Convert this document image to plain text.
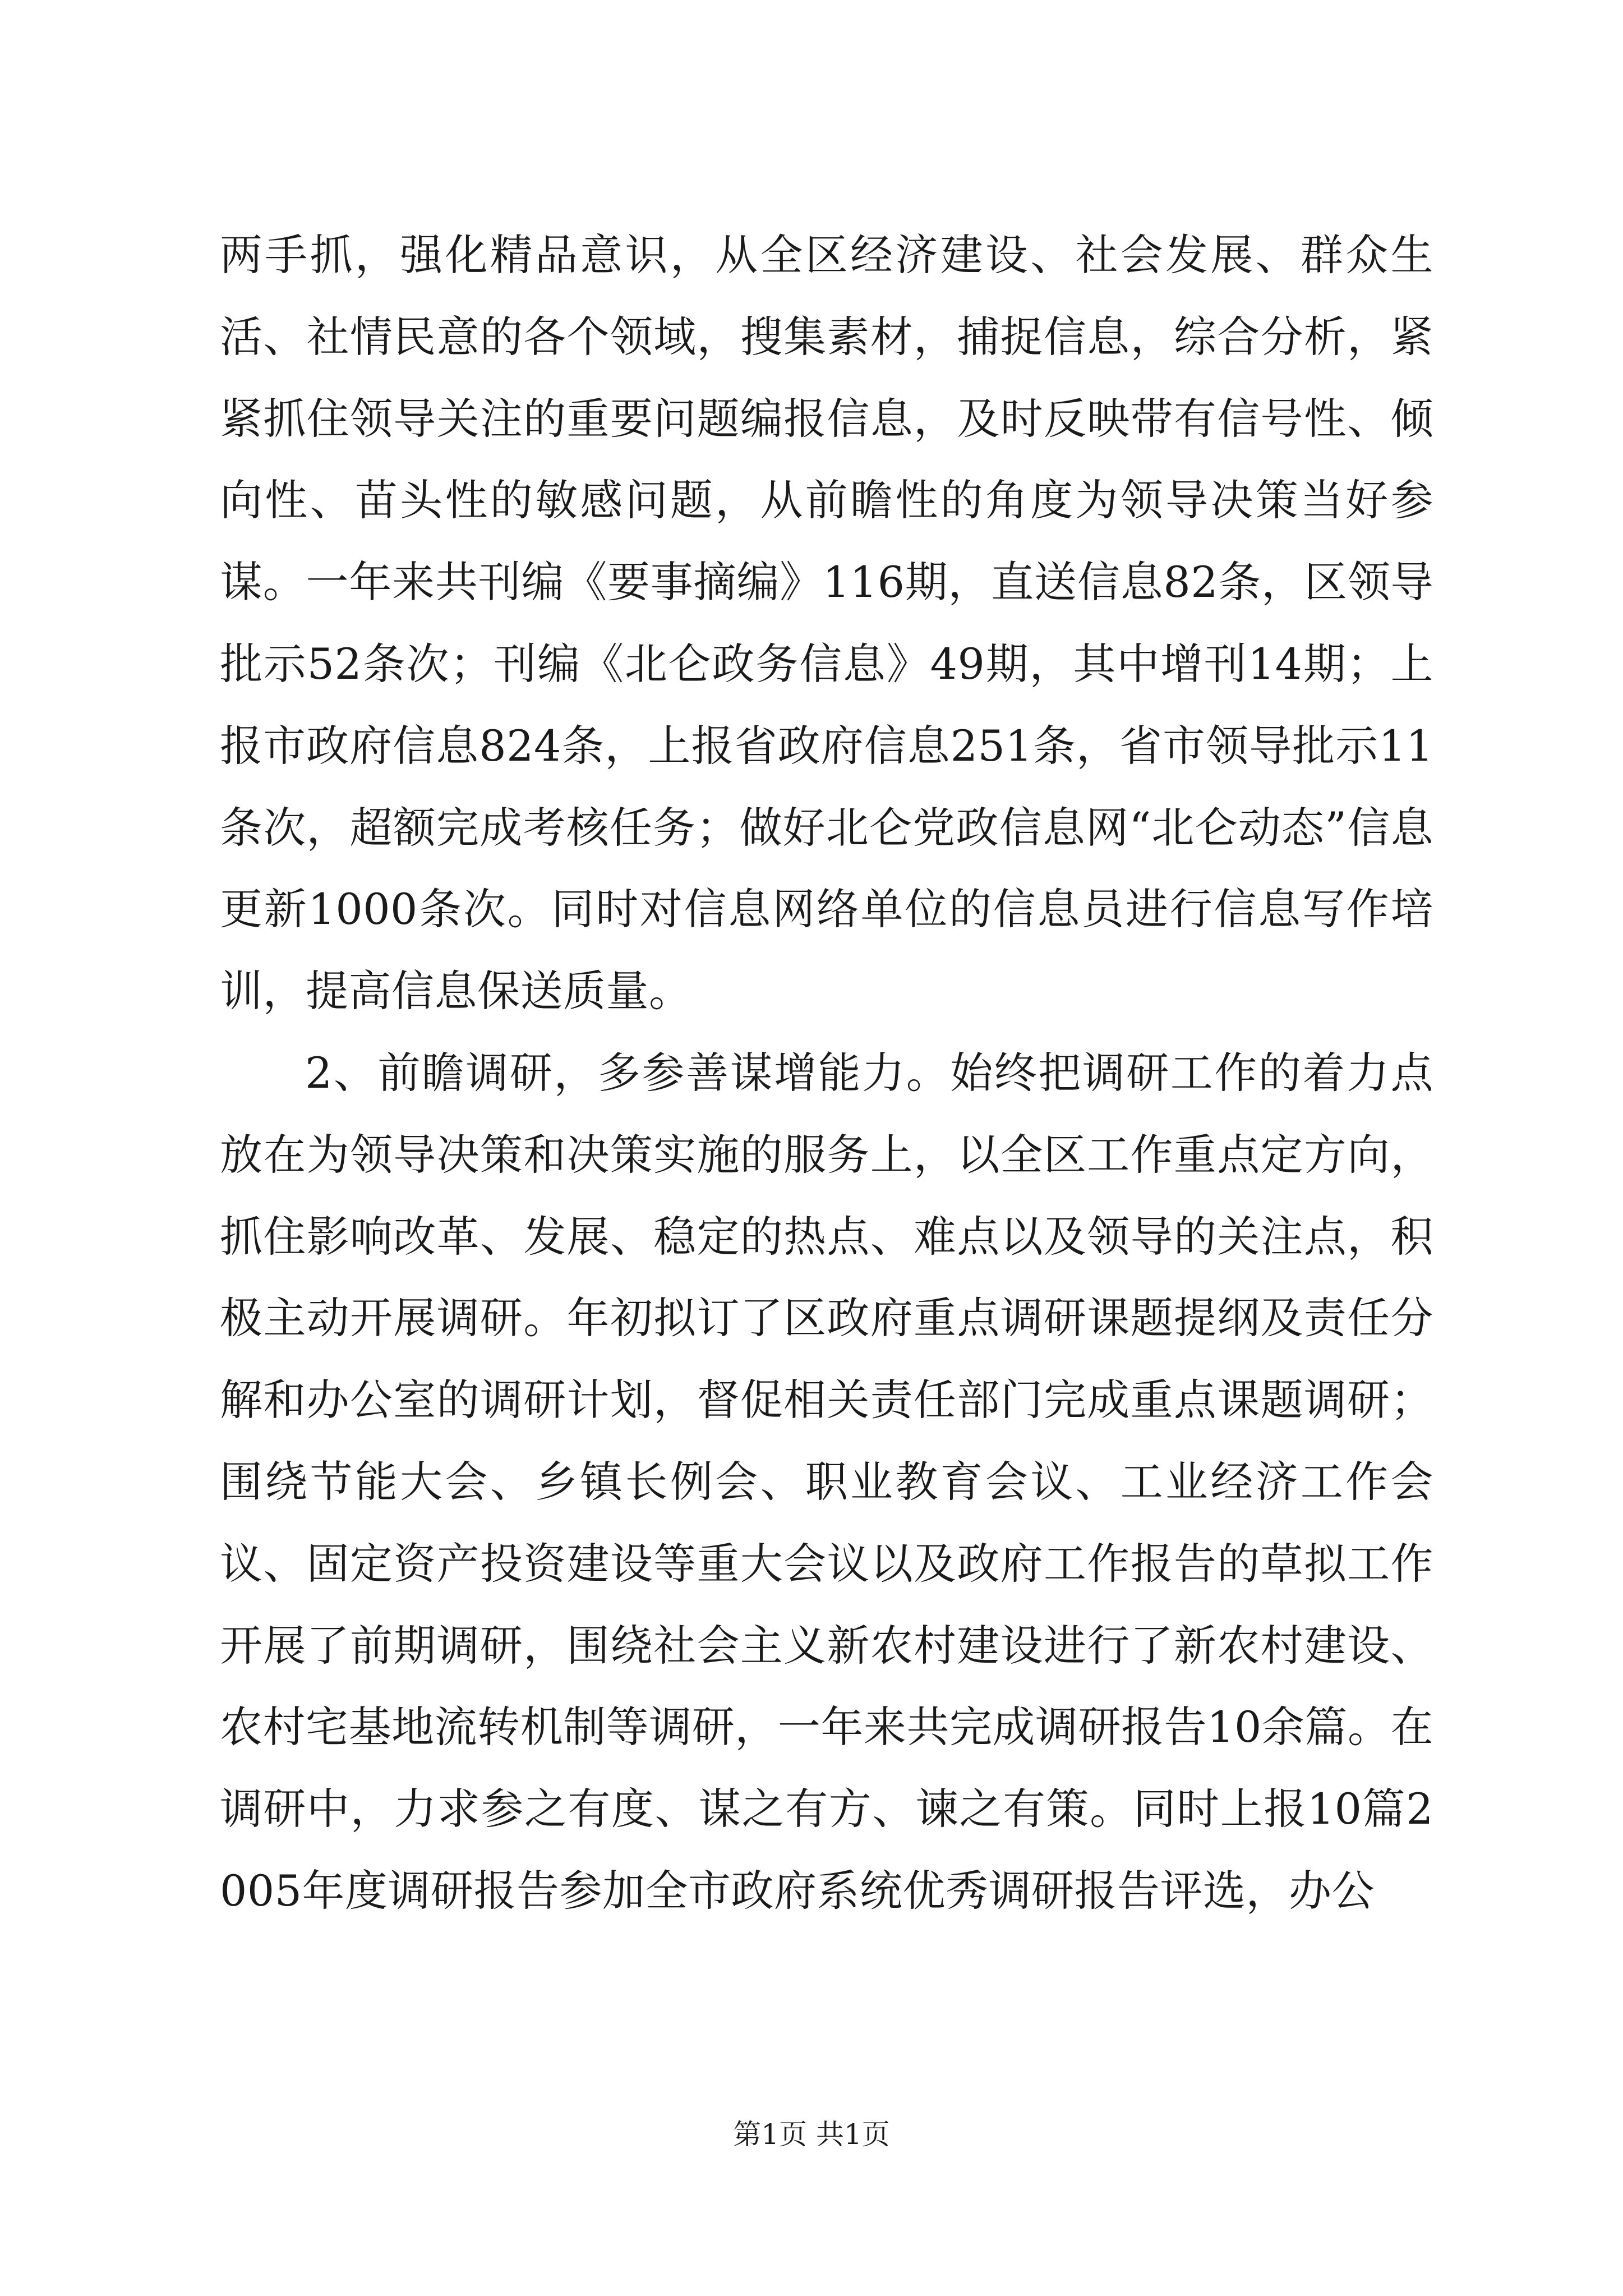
两手抓，强化精品意识，从全区经济建设、社会发展、群众生活、社情民意的各个领域，搜集素材，捕捉信息，综合分析，紧紧抓住领导关注的重要问题编报信息，及时反映带有信号性、倾向性、苗头性的敏感问题，从前瞻性的角度为领导决策当好参谋。一年来共刊编《要事摘编》116期，直送信息82条，区领导批示52条次；刊编《北仑政务信息》49期，其中增刊14期；上报市政府信息824条，上报省政府信息251条，省市领导批示11条次，超额完成考核任务；做好北仑党政信息网“北仑动态”信息更新1000条次。同时对信息网络单位的信息员进行信息写作培训，提高信息保送质量。

2、前瞻调研，多参善谋增能力。始终把调研工作的着力点放在为领导决策和决策实施的服务上，以全区工作重点定方向，抓住影响改革、发展、稳定的热点、难点以及领导的关注点，积极主动开展调研。年初拟订了区政府重点调研课题提纲及责任分解和办公室的调研计划，督促相关责任部门完成重点课题调研；围绕节能大会、乡镇长例会、职业教育会议、工业经济工作会议、固定资产投资建设等重大会议以及政府工作报告的草拟工作开展了前期调研，围绕社会主义新农村建设进行了新农村建设、农村宅基地流转机制等调研，一年来共完成调研报告10余篇。在调研中，力求参之有度、谋之有方、谏之有策。同时上报10篇2005年度调研报告参加全市政府系统优秀调研报告评选，办公

第1页 共1页
